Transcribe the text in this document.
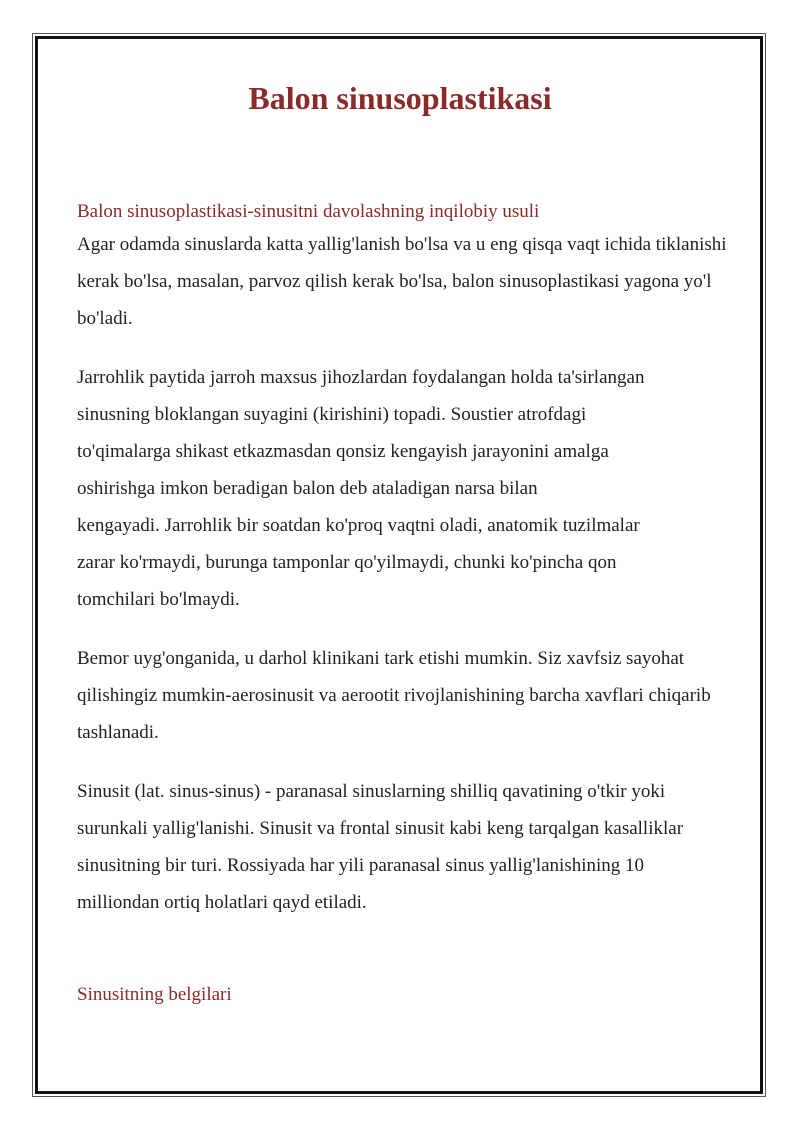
Balon sinusoplastikasi

Balon sinusoplastikasi-sinusitni davolashning inqilobiy usuli

Agar odamda sinuslarda katta yallig'lanish bo'lsa va u eng qisqa vaqt ichida tiklanishi kerak bo'lsa, masalan, parvoz qilish kerak bo'lsa, balon sinusoplastikasi yagona yo'l bo'ladi.

Jarrohlik paytida jarroh maxsus jihozlardan foydalangan holda ta'sirlangan
sinusning bloklangan suyagini (kirishini) topadi. Soustier atrofdagi
to'qimalarga shikast etkazmasdan qonsiz kengayish jarayonini amalga
oshirishga imkon beradigan balon deb ataladigan narsa bilan
kengayadi. Jarrohlik bir soatdan ko'proq vaqtni oladi, anatomik tuzilmalar
zarar ko'rmaydi, burunga tamponlar qo'yilmaydi, chunki ko'pincha qon
tomchilari bo'lmaydi.

Bemor uyg'onganida, u darhol klinikani tark etishi mumkin. Siz xavfsiz sayohat qilishingiz mumkin-aerosinusit va aerootit rivojlanishining barcha xavflari chiqarib tashlanadi.

Sinusit (lat. sinus-sinus) - paranasal sinuslarning shilliq qavatining o'tkir yoki surunkali yallig'lanishi. Sinusit va frontal sinusit kabi keng tarqalgan kasalliklar sinusitning bir turi. Rossiyada har yili paranasal sinus yallig'lanishining 10 milliondan ortiq holatlari qayd etiladi.

Sinusitning belgilari
